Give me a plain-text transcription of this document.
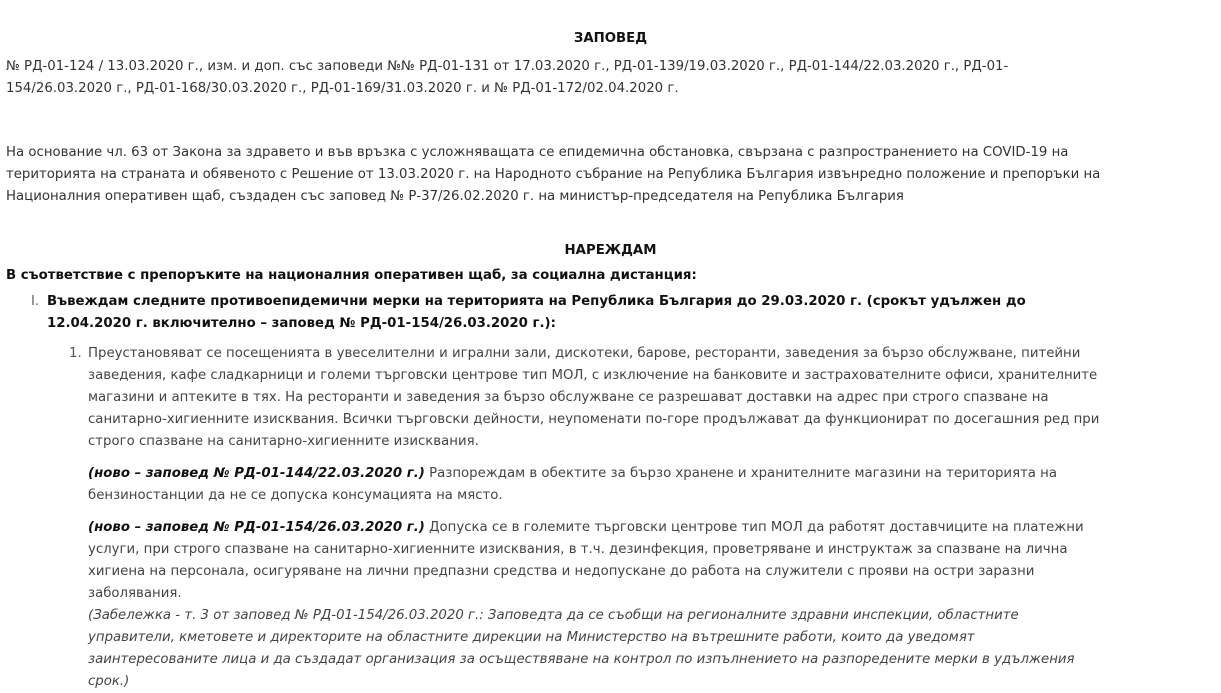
ЗАПОВЕД
№ РД-01-124 / 13.03.2020 г., изм. и доп. със заповеди №№ РД-01-131 от 17.03.2020 г., РД-01-139/19.03.2020 г., РД-01-144/22.03.2020 г., РД-01-154/26.03.2020 г., РД-01-168/30.03.2020 г., РД-01-169/31.03.2020 г. и № РД-01-172/02.04.2020 г.
На основание чл. 63 от Закона за здравето и във връзка с усложняващата се епидемична обстановка, свързана с разпространението на COVID-19 на територията на страната и обявеното с Решение от 13.03.2020 г. на Народното събрание на Република България извънредно положение и препоръки на Националния оперативен щаб, създаден със заповед № Р-37/26.02.2020 г. на министър-председателя на Република България
НАРЕЖДАМ
В съответствие с препоръките на националния оперативен щаб, за социална дистанция:
I. Въвеждам следните противоепидемични мерки на територията на Република България до 29.03.2020 г. (срокът удължен до 12.04.2020 г. включително – заповед № РД-01-154/26.03.2020 г.):
1. Преустановяват се посещенията в увеселителни и игрални зали, дискотеки, барове, ресторанти, заведения за бързо обслужване, питейни заведения, кафе сладкарници и големи търговски центрове тип МОЛ, с изключение на банковите и застрахователните офиси, хранителните магазини и аптеките в тях. На ресторанти и заведения за бързо обслужване се разрешават доставки на адрес при строго спазване на санитарно-хигиенните изисквания. Всички търговски дейности, неупоменати по-горе продължават да функционират по досегашния ред при строго спазване на санитарно-хигиенните изисквания.
(ново – заповед № РД-01-144/22.03.2020 г.) Разпореждам в обектите за бързо хранене и хранителните магазини на територията на бензиностанции да не се допуска консумацията на място.
(ново – заповед № РД-01-154/26.03.2020 г.) Допуска се в големите търговски центрове тип МОЛ да работят доставчиците на платежни услуги, при строго спазване на санитарно-хигиенните изисквания, в т.ч. дезинфекция, проветряване и инструктаж за спазване на лична хигиена на персонала, осигуряване на лични предпазни средства и недопускане до работа на служители с прояви на остри заразни заболявания.
(Забележка - т. 3 от заповед № РД-01-154/26.03.2020 г.: Заповедта да се съобщи на регионалните здравни инспекции, областните управители, кметовете и директорите на областните дирекции на Министерство на вътрешните работи, които да уведомят заинтересованите лица и да създадат организация за осъществяване на контрол по изпълнението на разпоредените мерки в удължения срок.)
